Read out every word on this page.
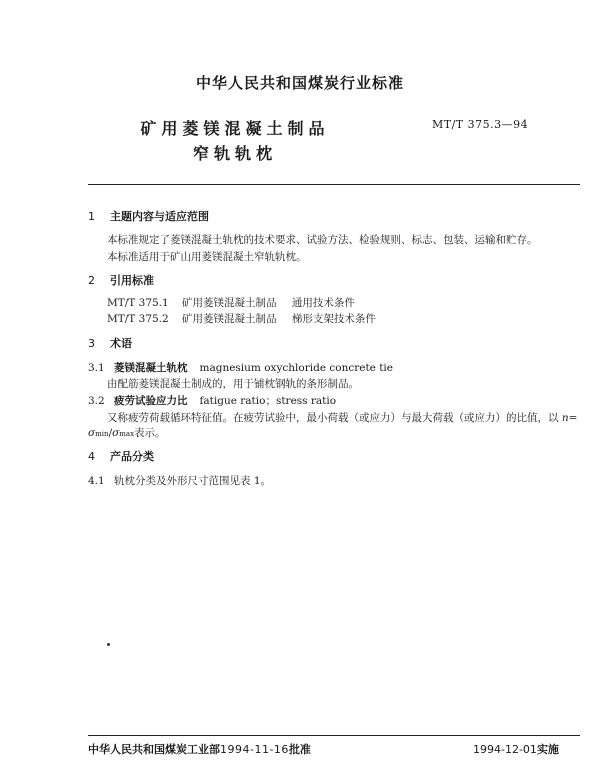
中华人民共和国煤炭行业标准
矿用菱镁混凝土制品	MT/T 375.3—94
窄轨轨枕
1 主题内容与适应范围
本标准规定了菱镁混凝土轨枕的技术要求、试验方法、检验规则、标志、包装、运输和贮存。
本标准适用于矿山用菱镁混凝土窄轨轨枕。
2 引用标准
MT/T 375.1 矿用菱镁混凝土制品 通用技术条件
MT/T 375.2 矿用菱镁混凝土制品 梯形支架技术条件
3 术语
3.1 菱镁混凝土轨枕 magnesium oxychloride concrete tie
由配筋菱镁混凝土制成的，用于铺枕钢轨的条形制品。
3.2 疲劳试验应力比 fatigue ratio；stress ratio
又称疲劳荷载循环特征值。在疲劳试验中，最小荷载（或应力）与最大荷载（或应力）的比值，以 n=
σmin/σmax表示。
4 产品分类
4.1 轨枕分类及外形尺寸范围见表 1。
中华人民共和国煤炭工业部1994-11-16批准	1994-12-01实施
